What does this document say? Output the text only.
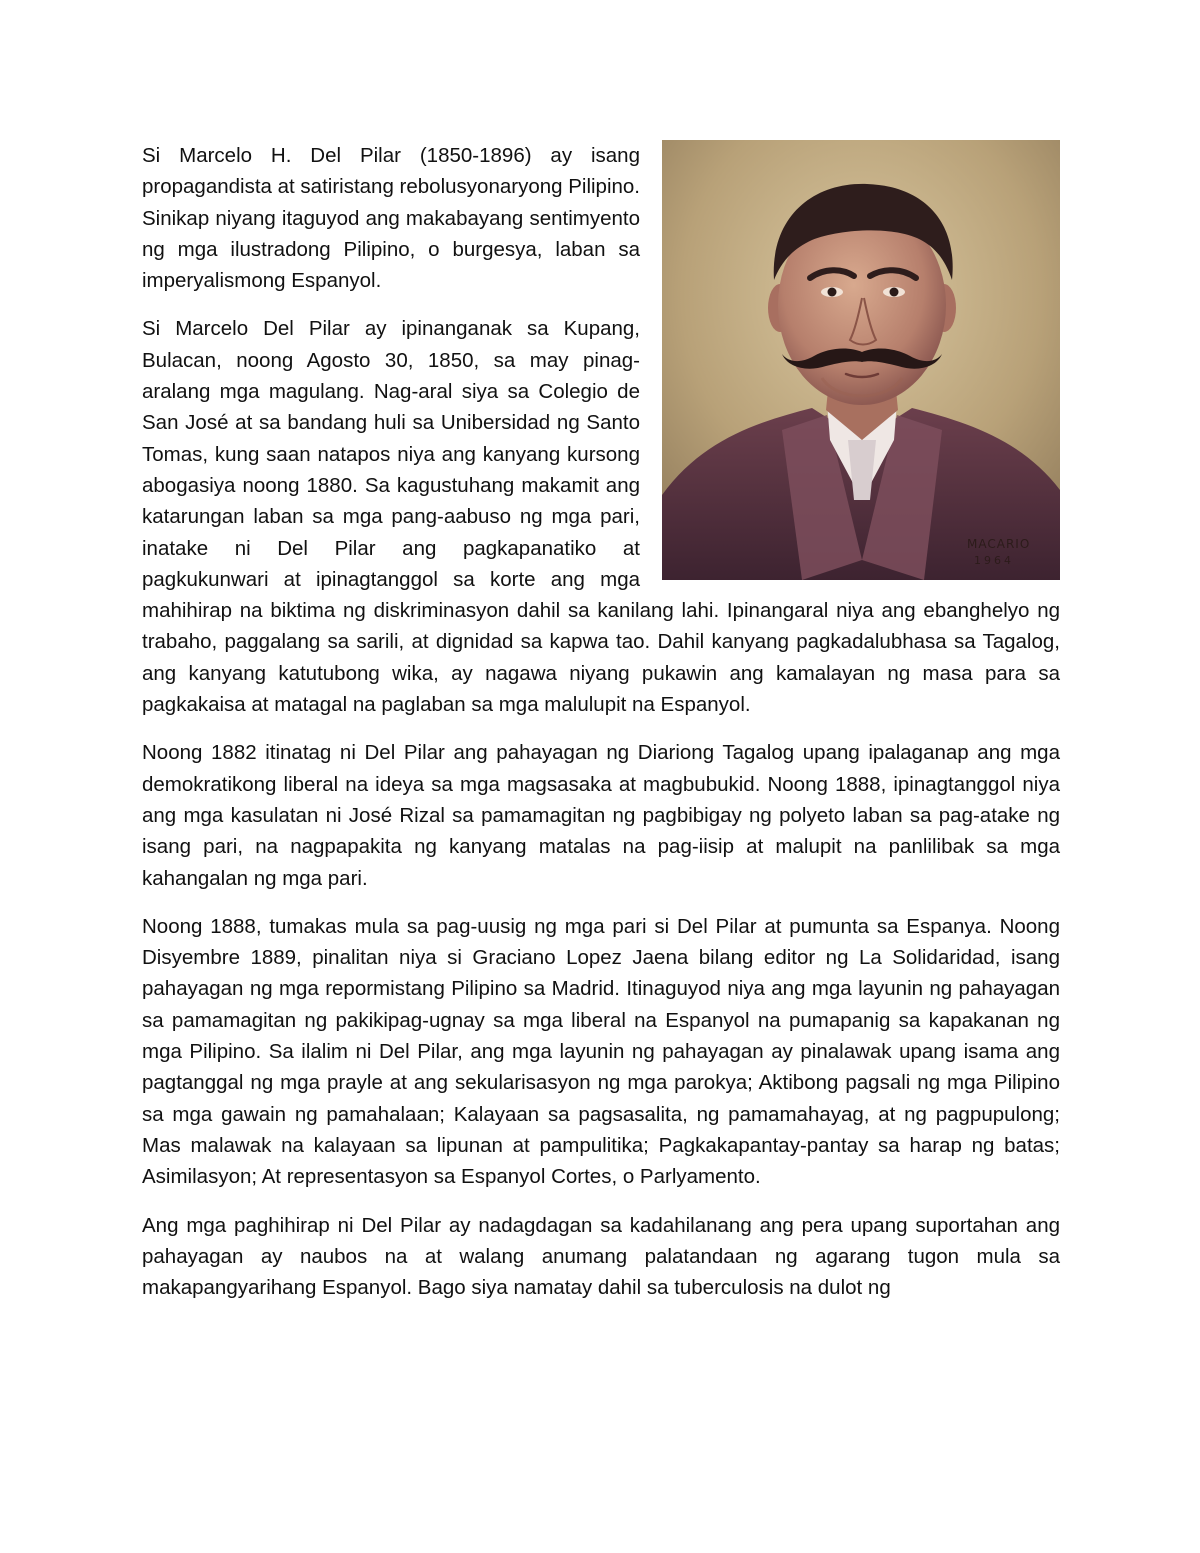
MACARIO
1964

Si Marcelo H. Del Pilar (1850-1896) ay isang propagandista at satiristang rebolusyonaryong Pilipino. Sinikap niyang itaguyod ang makabayang sentimyento ng mga ilustradong Pilipino, o burgesya, laban sa imperyalismong Espanyol.

Si Marcelo Del Pilar ay ipinanganak sa Kupang, Bulacan, noong Agosto 30, 1850, sa may pinag-aralang mga magulang. Nag-aral siya sa Colegio de San José at sa bandang huli sa Unibersidad ng Santo Tomas, kung saan natapos niya ang kanyang kursong abogasiya noong 1880. Sa kagustuhang makamit ang katarungan laban sa mga pang-aabuso ng mga pari, inatake ni Del Pilar ang pagkapanatiko at pagkukunwari at ipinagtanggol sa korte ang mga mahihirap na biktima ng diskriminasyon dahil sa kanilang lahi. Ipinangaral niya ang ebanghelyo ng trabaho, paggalang sa sarili, at dignidad sa kapwa tao. Dahil kanyang pagkadalubhasa sa Tagalog, ang kanyang katutubong wika, ay nagawa niyang pukawin ang kamalayan ng masa para sa pagkakaisa at matagal na paglaban sa mga malulupit na Espanyol.

Noong 1882 itinatag ni Del Pilar ang pahayagan ng Diariong Tagalog upang ipalaganap ang mga demokratikong liberal na ideya sa mga magsasaka at magbubukid. Noong 1888, ipinagtanggol niya ang mga kasulatan ni José Rizal sa pamamagitan ng pagbibigay ng polyeto laban sa pag-atake ng isang pari, na nagpapakita ng kanyang matalas na pag-iisip at malupit na panlilibak sa mga kahangalan ng mga pari.

Noong 1888, tumakas mula sa pag-uusig ng mga pari si Del Pilar at pumunta sa Espanya. Noong Disyembre 1889, pinalitan niya si Graciano Lopez Jaena bilang editor ng La Solidaridad, isang pahayagan ng mga repormistang Pilipino sa Madrid. Itinaguyod niya ang mga layunin ng pahayagan sa pamamagitan ng pakikipag-ugnay sa mga liberal na Espanyol na pumapanig sa kapakanan ng mga Pilipino. Sa ilalim ni Del Pilar, ang mga layunin ng pahayagan ay pinalawak upang isama ang pagtanggal ng mga prayle at ang sekularisasyon ng mga parokya; Aktibong pagsali ng mga Pilipino sa mga gawain ng pamahalaan; Kalayaan sa pagsasalita, ng pamamahayag, at ng pagpupulong; Mas malawak na kalayaan sa lipunan at pampulitika; Pagkakapantay-pantay sa harap ng batas; Asimilasyon; At representasyon sa Espanyol Cortes, o Parlyamento.

Ang mga paghihirap ni Del Pilar ay nadagdagan sa kadahilanang ang pera upang suportahan ang pahayagan ay naubos na at walang anumang palatandaan ng agarang tugon mula sa makapangyarihang Espanyol. Bago siya namatay dahil sa tuberculosis na dulot ng
